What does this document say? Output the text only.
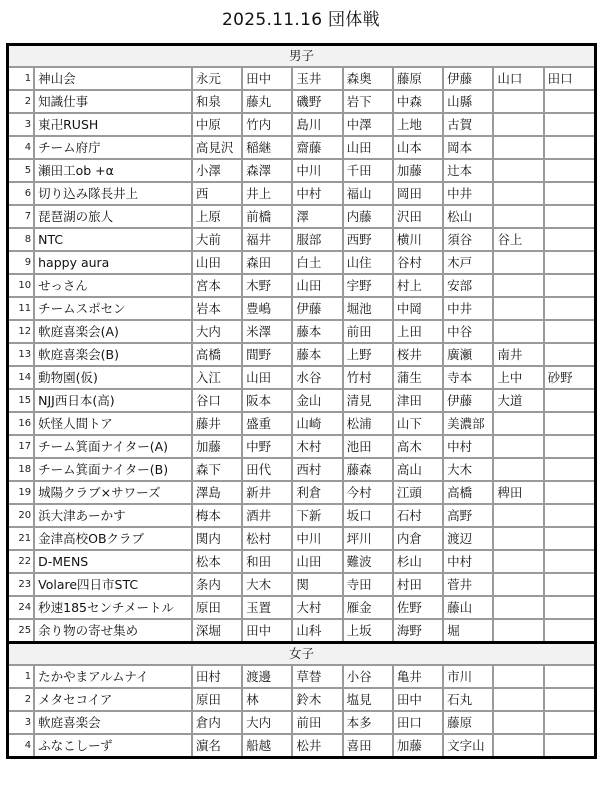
2025.11.16 団体戦
男子									
1	神山会	永元	田中	玉井	森奥	藤原	伊藤	山口	田口
2	知識仕事	和泉	藤丸	磯野	岩下	中森	山縣		
3	東卍RUSH	中原	竹内	島川	中澤	上地	古賀		
4	チーム府庁	高見沢	稲継	齋藤	山田	山本	岡本		
5	瀬田工ob +α	小澤	森澤	中川	千田	加藤	辻本		
6	切り込み隊長井上	西	井上	中村	福山	岡田	中井		
7	琵琶湖の旅人	上原	前橋	澤	内藤	沢田	松山		
8	NTC	大前	福井	服部	西野	横川	須谷	谷上	
9	happy aura	山田	森田	白土	山住	谷村	木戸		
10	せっさん	宮本	木野	山田	宇野	村上	安部		
11	チームスポセン	岩本	豊嶋	伊藤	堀池	中岡	中井		
12	軟庭喜楽会(A)	大内	米澤	藤本	前田	上田	中谷		
13	軟庭喜楽会(B)	高橋	間野	藤本	上野	桜井	廣瀬	南井	
14	動物園(仮)	入江	山田	水谷	竹村	蒲生	寺本	上中	砂野
15	NJJ西日本(高)	谷口	阪本	金山	清見	津田	伊藤	大道	
16	妖怪人間トア	藤井	盛重	山崎	松浦	山下	美濃部		
17	チーム箕面ナイター(A)	加藤	中野	木村	池田	高木	中村		
18	チーム箕面ナイター(B)	森下	田代	西村	藤森	高山	大木		
19	城陽クラブ×サワーズ	澤島	新井	利倉	今村	江頭	高橋	稗田	
20	浜大津あーかす	梅本	酒井	下新	坂口	石村	高野		
21	金津高校OBクラブ	関内	松村	中川	坪川	内倉	渡辺		
22	D-MENS	松本	和田	山田	難波	杉山	中村		
23	Volare四日市STC	条内	大木	関	寺田	村田	菅井		
24	秒速185センチメートル	原田	玉置	大村	雁金	佐野	藤山		
25	余り物の寄せ集め	深堀	田中	山科	上坂	海野	堀		
女子									
1	たかやまアルムナイ	田村	渡邊	草替	小谷	亀井	市川		
2	メタセコイア	原田	林	鈴木	塩見	田中	石丸		
3	軟庭喜楽会	倉内	大内	前田	本多	田口	藤原		
4	ふなこしーず	濵名	船越	松井	喜田	加藤	文字山		
